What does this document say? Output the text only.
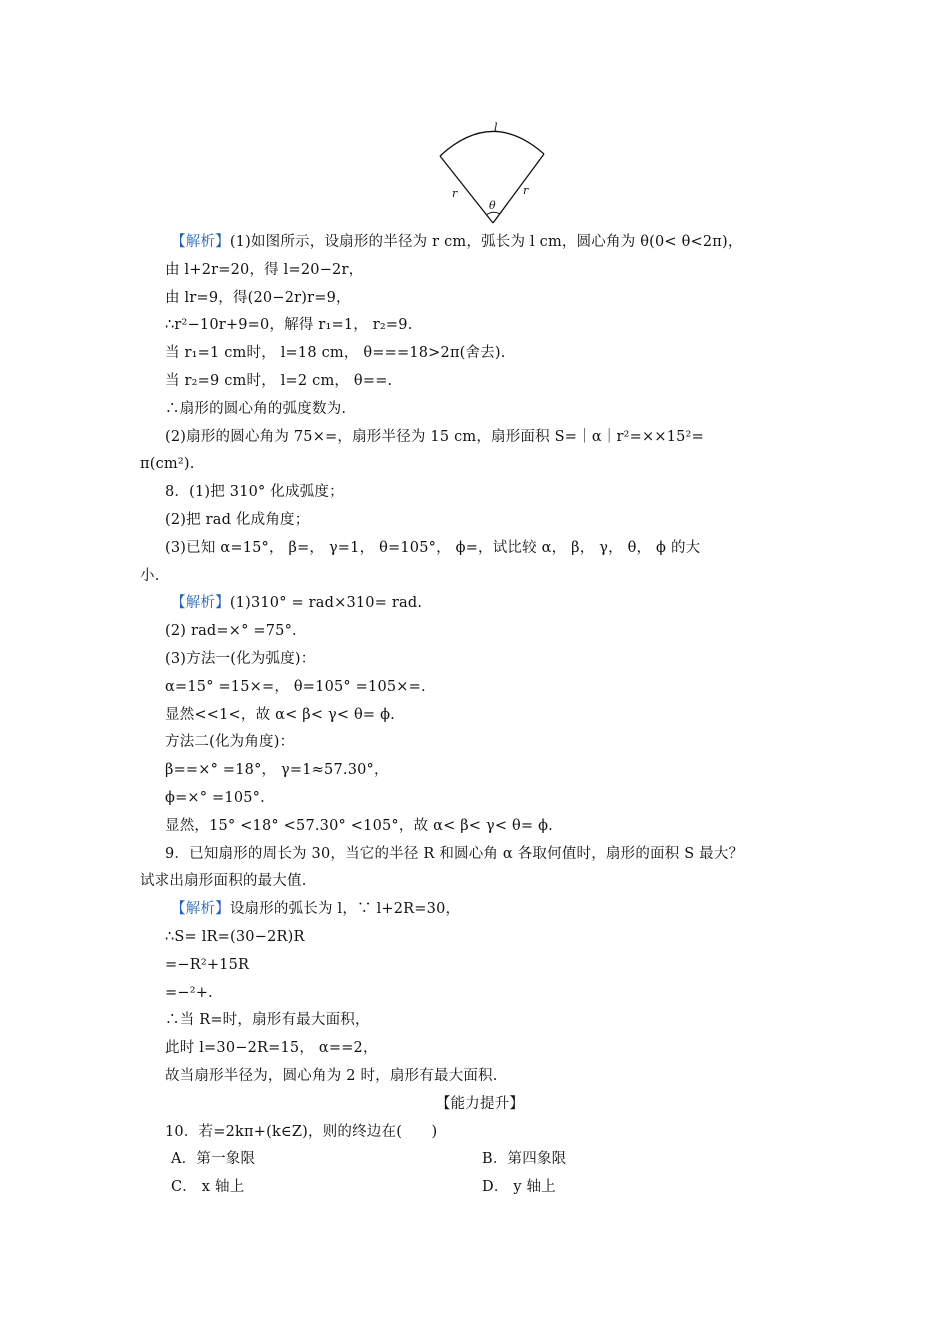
l
r	r
θ
【解析】(1)如图所示，设扇形的半径为 r cm，弧长为 l cm，圆心角为 θ(0< θ<2π)，
由 l+2r=20，得 l=20−2r，
由 lr=9，得(20−2r)r=9，
∴r²−10r+9=0，解得 r₁=1， r₂=9.
当 r₁=1 cm时， l=18 cm， θ===18>2π(舍去).
当 r₂=9 cm时， l=2 cm， θ==.
∴扇形的圆心角的弧度数为.
(2)扇形的圆心角为 75×=，扇形半径为 15 cm，扇形面积 S=｜α｜r²=××15²=
π(cm²).
8．(1)把 310° 化成弧度；
(2)把 rad 化成角度；
(3)已知 α=15°， β=， γ=1， θ=105°， ϕ=，试比较 α， β， γ， θ， ϕ 的大
小.
【解析】(1)310° = rad×310= rad.
(2) rad=×° =75°.
(3)方法一(化为弧度)：
α=15° =15×=， θ=105° =105×=.
显然<<1<，故 α< β< γ< θ= ϕ.
方法二(化为角度)：
β==×° =18°， γ=1≈57.30°，
ϕ=×° =105°.
显然，15° <18° <57.30° <105°，故 α< β< γ< θ= ϕ.
9．已知扇形的周长为 30，当它的半径 R 和圆心角 α 各取何值时，扇形的面积 S 最大？
试求出扇形面积的最大值.
【解析】设扇形的弧长为 l，∵ l+2R=30，
∴S= lR=(30−2R)R
=−R²+15R
=−²+.
∴当 R=时，扇形有最大面积，
此时 l=30−2R=15， α==2，
故当扇形半径为，圆心角为 2 时，扇形有最大面积.
【能力提升】
10．若=2kπ+(k∈Z)，则的终边在(　　)
A．第一象限	B．第四象限
C． x 轴上	D． y 轴上
